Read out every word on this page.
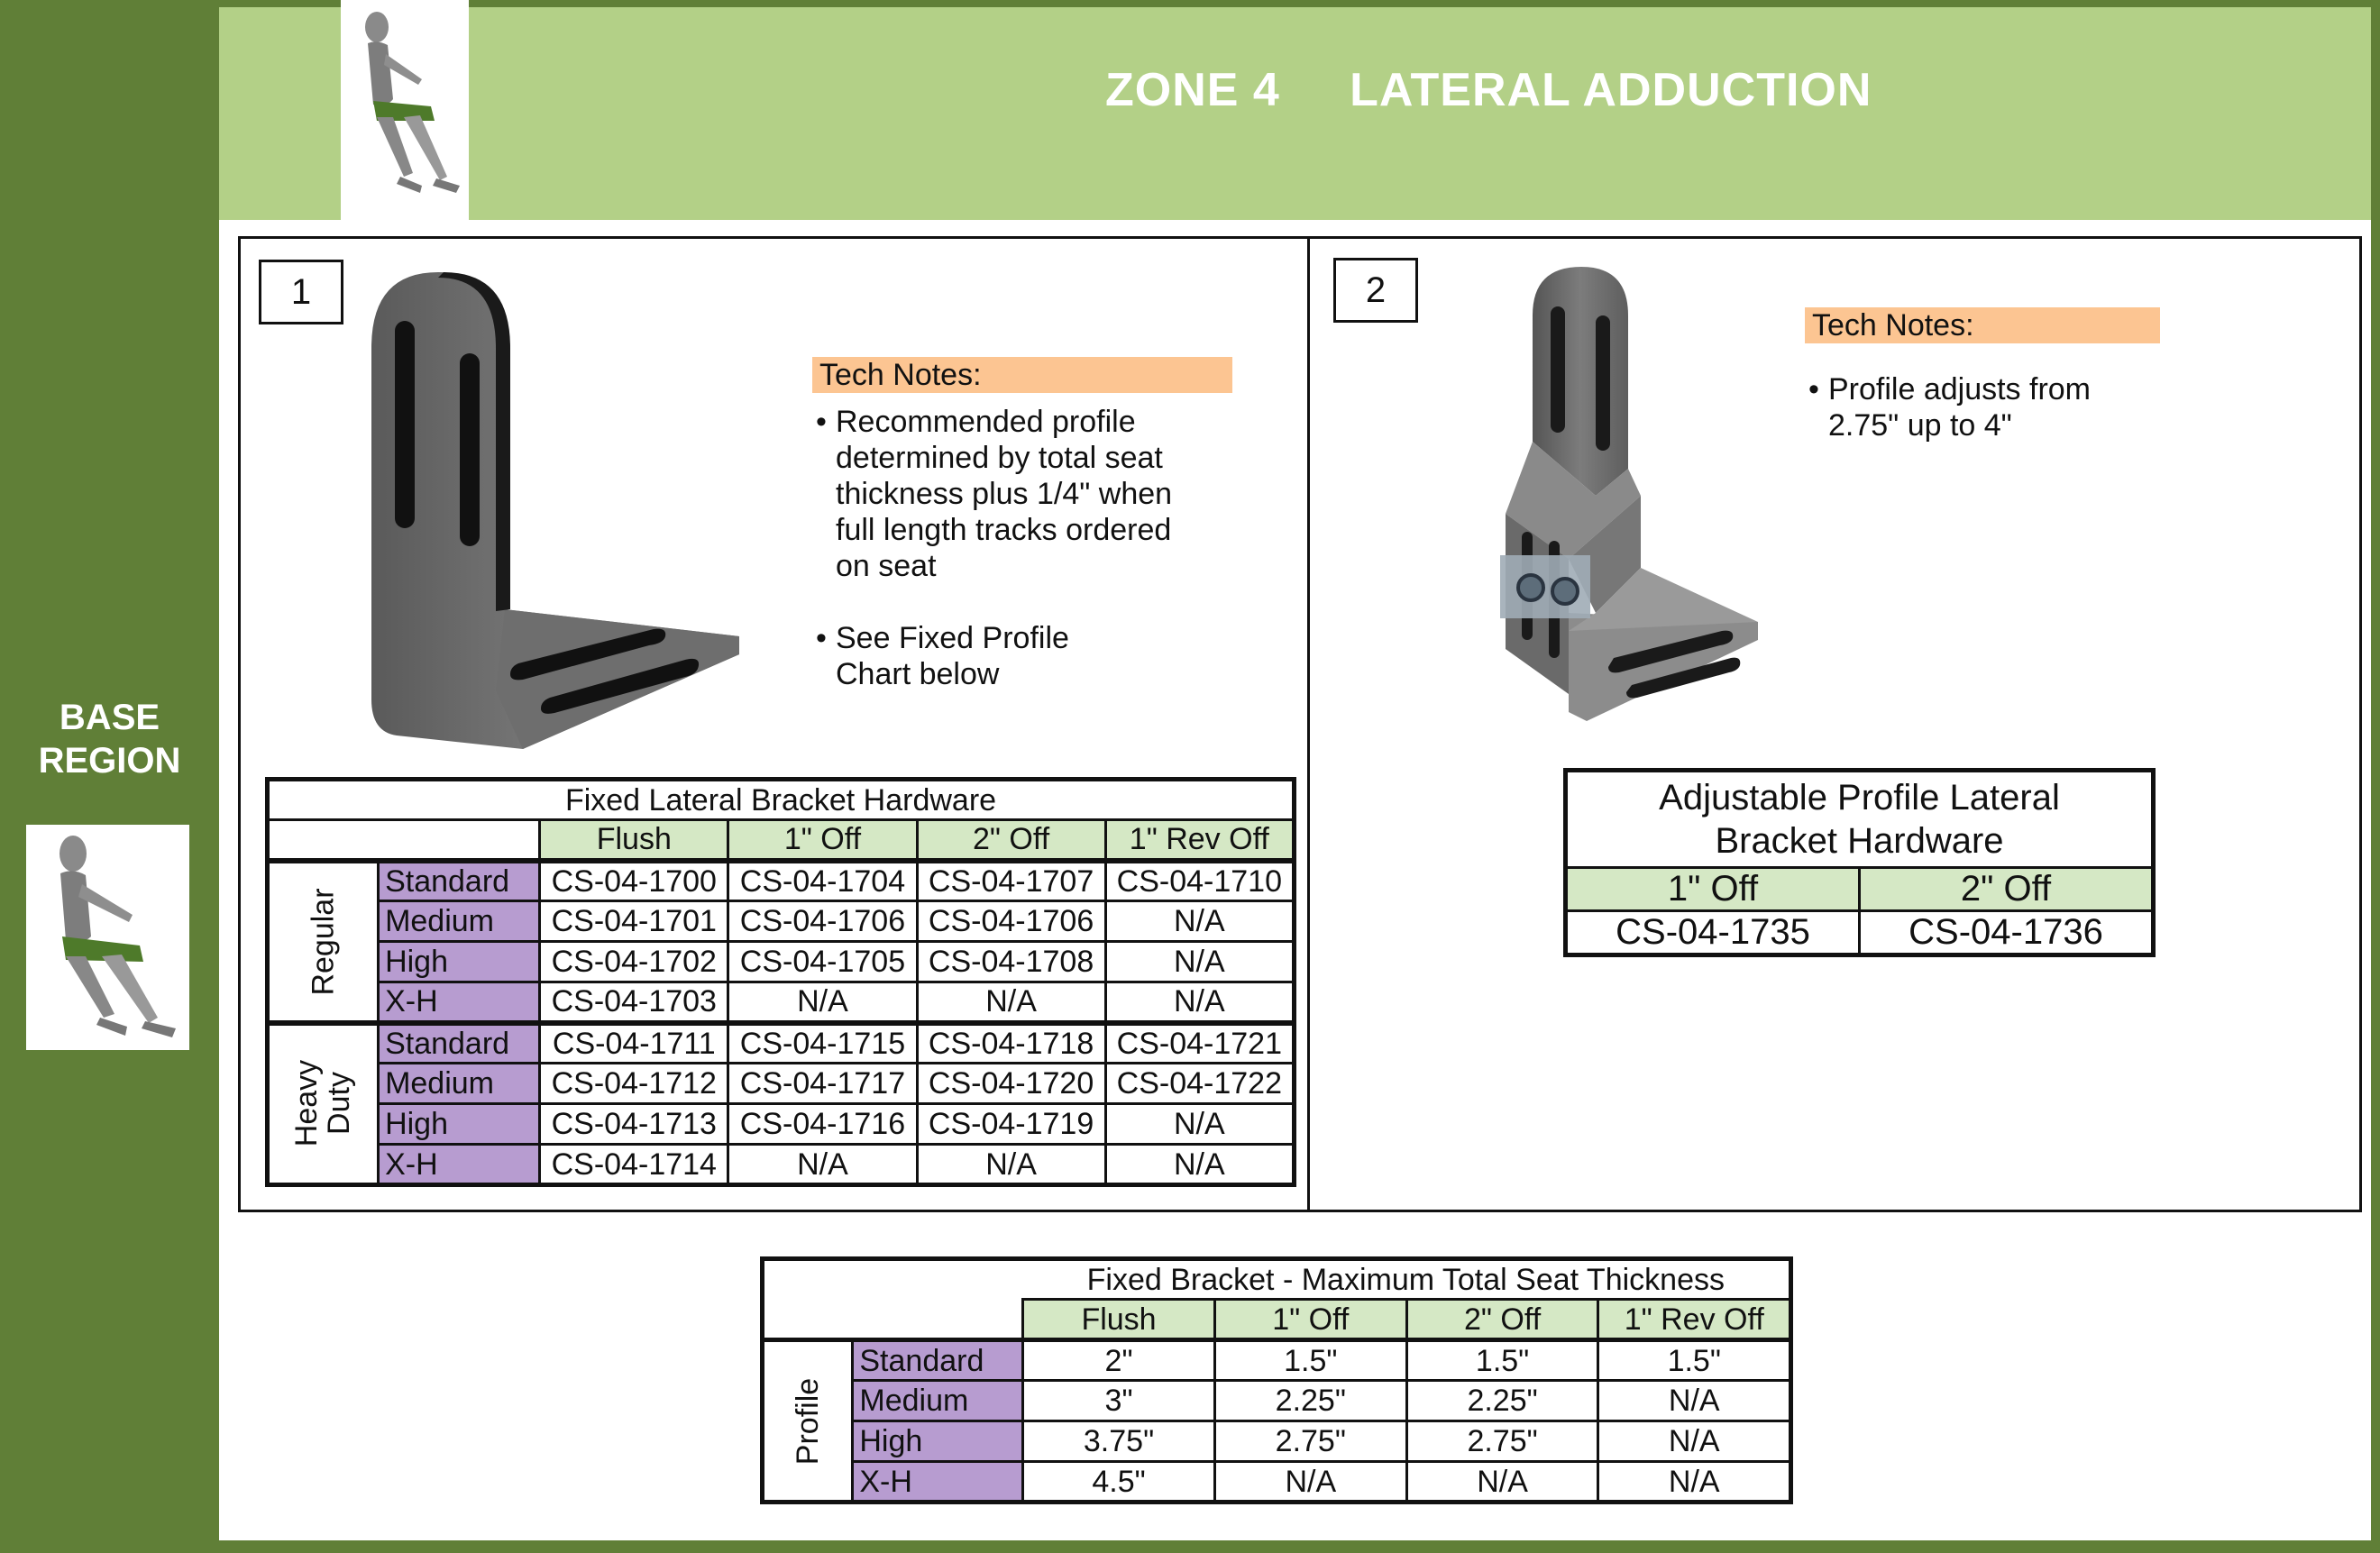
ZONE 4 LATERAL ADDUCTION
BASE
REGION
1
Tech Notes:
• Recommended profile
determined by total seat
thickness plus 1/4" when
full length tracks ordered
on seat
• See Fixed Profile
Chart below
2
Tech Notes:
• Profile adjusts from
2.75" up to 4"
Fixed Lateral Bracket Hardware					
		Flush	1" Off	2" Off	1" Rev Off
Regular	Standard	CS-04-1700	CS-04-1704	CS-04-1707	CS-04-1710
	Medium	CS-04-1701	CS-04-1706	CS-04-1706	N/A
	High	CS-04-1702	CS-04-1705	CS-04-1708	N/A
	X-H	CS-04-1703	N/A	N/A	N/A
Heavy
Duty	Standard	CS-04-1711	CS-04-1715	CS-04-1718	CS-04-1721
	Medium	CS-04-1712	CS-04-1717	CS-04-1720	CS-04-1722
	High	CS-04-1713	CS-04-1716	CS-04-1719	N/A
	X-H	CS-04-1714	N/A	N/A	N/A
Adjustable Profile Lateral
Bracket Hardware	

1" Off	2" Off
CS-04-1735	CS-04-1736
		Fixed Bracket - Maximum Total Seat Thickness			
		Flush	1" Off	2" Off	1" Rev Off
Profile	Standard	2"	1.5"	1.5"	1.5"
	Medium	3"	2.25"	2.25"	N/A
	High	3.75"	2.75"	2.75"	N/A
	X-H	4.5"	N/A	N/A	N/A
